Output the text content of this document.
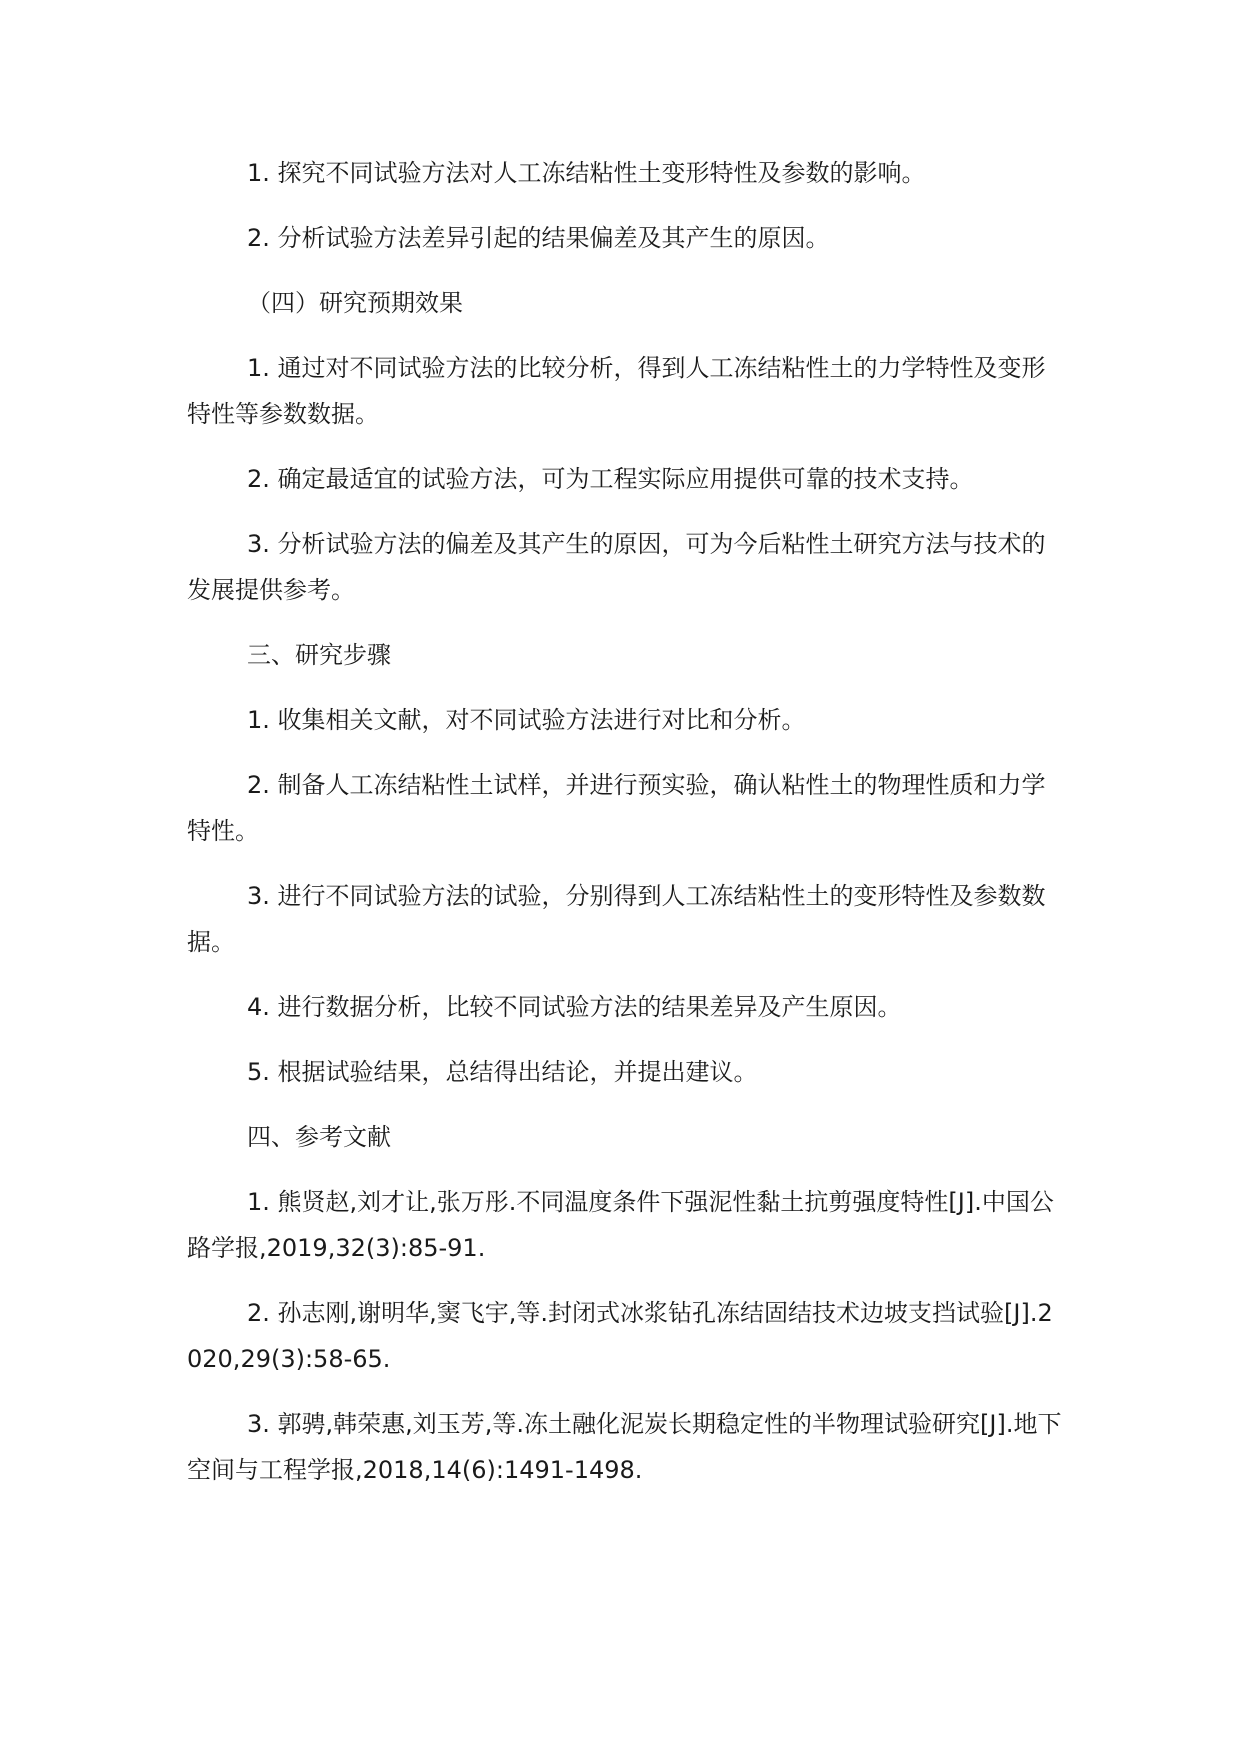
1. 探究不同试验方法对人工冻结粘性土变形特性及参数的影响。

2. 分析试验方法差异引起的结果偏差及其产生的原因。

（四）研究预期效果

1. 通过对不同试验方法的比较分析，得到人工冻结粘性土的力学特性及变形特性等参数数据。

2. 确定最适宜的试验方法，可为工程实际应用提供可靠的技术支持。

3. 分析试验方法的偏差及其产生的原因，可为今后粘性土研究方法与技术的发展提供参考。

三、研究步骤

1. 收集相关文献，对不同试验方法进行对比和分析。

2. 制备人工冻结粘性土试样，并进行预实验，确认粘性土的物理性质和力学特性。

3. 进行不同试验方法的试验，分别得到人工冻结粘性土的变形特性及参数数据。

4. 进行数据分析，比较不同试验方法的结果差异及产生原因。

5. 根据试验结果，总结得出结论，并提出建议。

四、参考文献

1. 熊贤赵,刘才让,张万彤.不同温度条件下强泥性黏土抗剪强度特性[J].中国公路学报,2019,32(3):85-91.

2. 孙志刚,谢明华,窦飞宇,等.封闭式冰浆钻孔冻结固结技术边坡支挡试验[J].2020,29(3):58-65.

3. 郭骋,韩荣惠,刘玉芳,等.冻土融化泥炭长期稳定性的半物理试验研究[J].地下空间与工程学报,2018,14(6):1491-1498.
